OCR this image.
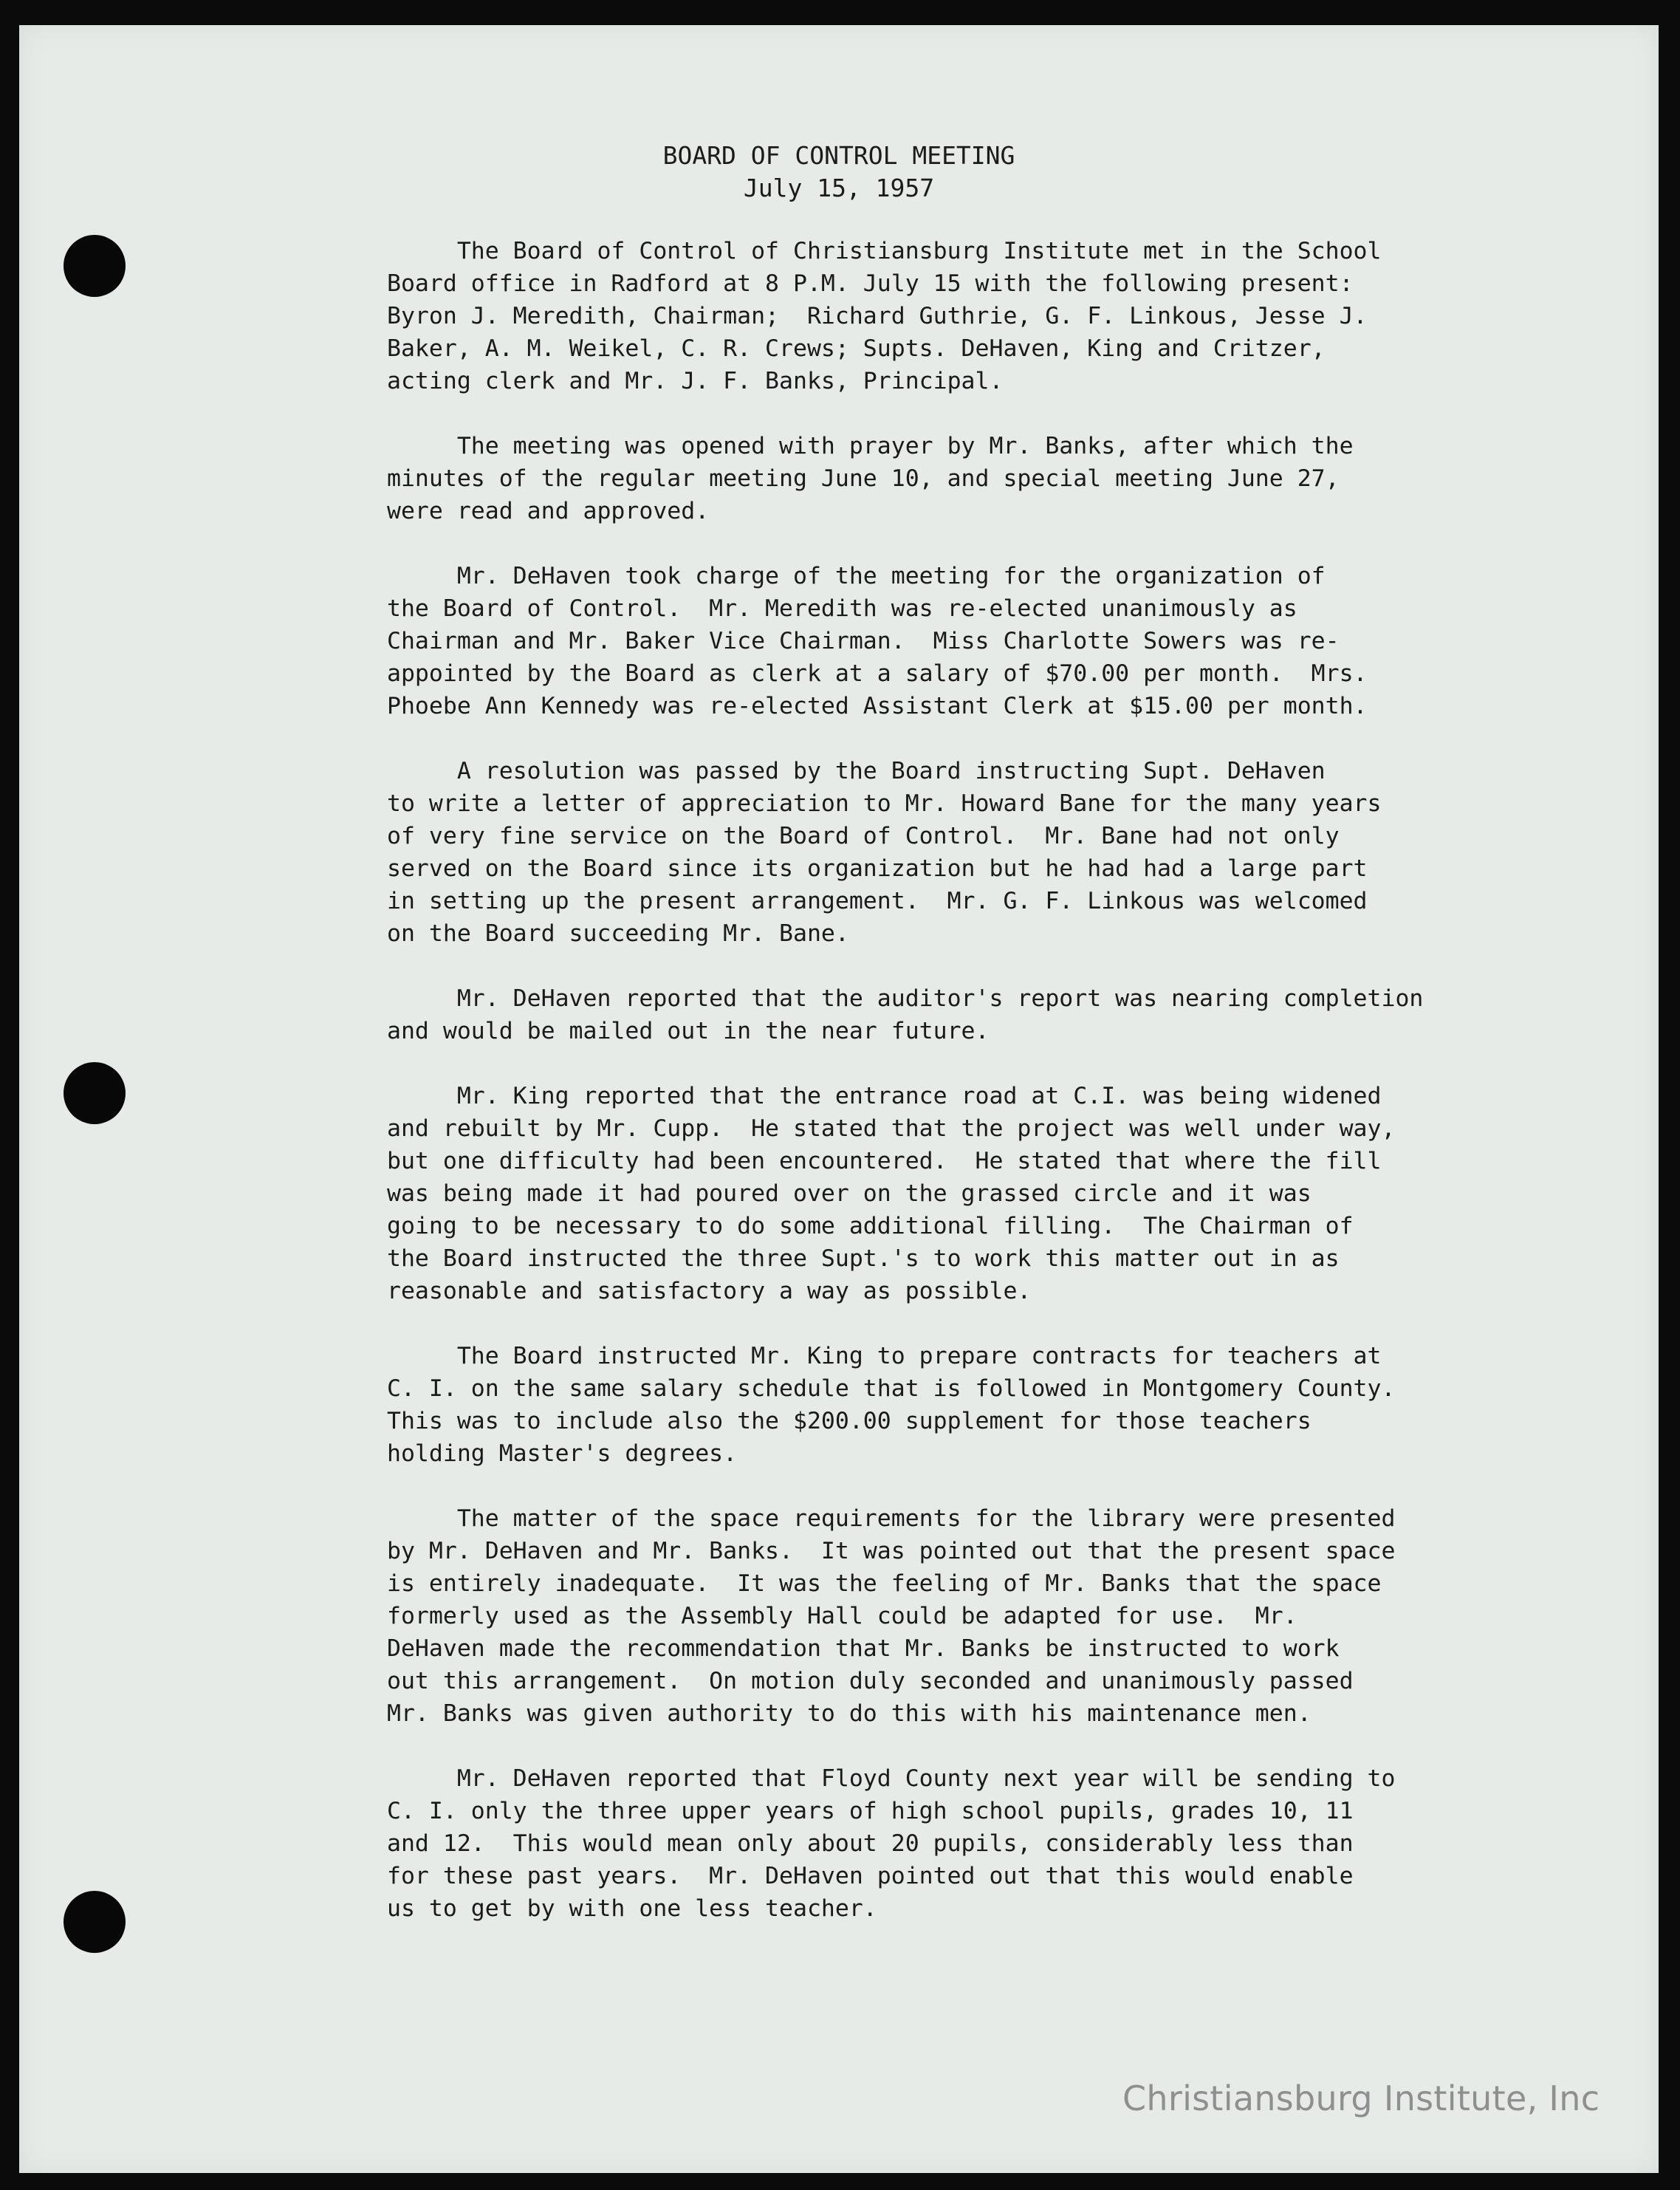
BOARD OF CONTROL MEETING
July 15, 1957

The Board of Control of Christiansburg Institute met in the School
Board office in Radford at 8 P.M. July 15 with the following present:
Byron J. Meredith, Chairman;  Richard Guthrie, G. F. Linkous, Jesse J.
Baker, A. M. Weikel, C. R. Crews; Supts. DeHaven, King and Critzer,
acting clerk and Mr. J. F. Banks, Principal.

The meeting was opened with prayer by Mr. Banks, after which the
minutes of the regular meeting June 10, and special meeting June 27,
were read and approved.

Mr. DeHaven took charge of the meeting for the organization of
the Board of Control.  Mr. Meredith was re-elected unanimously as
Chairman and Mr. Baker Vice Chairman.  Miss Charlotte Sowers was re-
appointed by the Board as clerk at a salary of $70.00 per month.  Mrs.
Phoebe Ann Kennedy was re-elected Assistant Clerk at $15.00 per month.

A resolution was passed by the Board instructing Supt. DeHaven
to write a letter of appreciation to Mr. Howard Bane for the many years
of very fine service on the Board of Control.  Mr. Bane had not only
served on the Board since its organization but he had had a large part
in setting up the present arrangement.  Mr. G. F. Linkous was welcomed
on the Board succeeding Mr. Bane.

Mr. DeHaven reported that the auditor's report was nearing completion
and would be mailed out in the near future.

Mr. King reported that the entrance road at C.I. was being widened
and rebuilt by Mr. Cupp.  He stated that the project was well under way,
but one difficulty had been encountered.  He stated that where the fill
was being made it had poured over on the grassed circle and it was
going to be necessary to do some additional filling.  The Chairman of
the Board instructed the three Supt.'s to work this matter out in as
reasonable and satisfactory a way as possible.

The Board instructed Mr. King to prepare contracts for teachers at
C. I. on the same salary schedule that is followed in Montgomery County.
This was to include also the $200.00 supplement for those teachers
holding Master's degrees.

The matter of the space requirements for the library were presented
by Mr. DeHaven and Mr. Banks.  It was pointed out that the present space
is entirely inadequate.  It was the feeling of Mr. Banks that the space
formerly used as the Assembly Hall could be adapted for use.  Mr.
DeHaven made the recommendation that Mr. Banks be instructed to work
out this arrangement.  On motion duly seconded and unanimously passed
Mr. Banks was given authority to do this with his maintenance men.

Mr. DeHaven reported that Floyd County next year will be sending to
C. I. only the three upper years of high school pupils, grades 10, 11
and 12.  This would mean only about 20 pupils, considerably less than
for these past years.  Mr. DeHaven pointed out that this would enable
us to get by with one less teacher.

Christiansburg Institute, Inc
